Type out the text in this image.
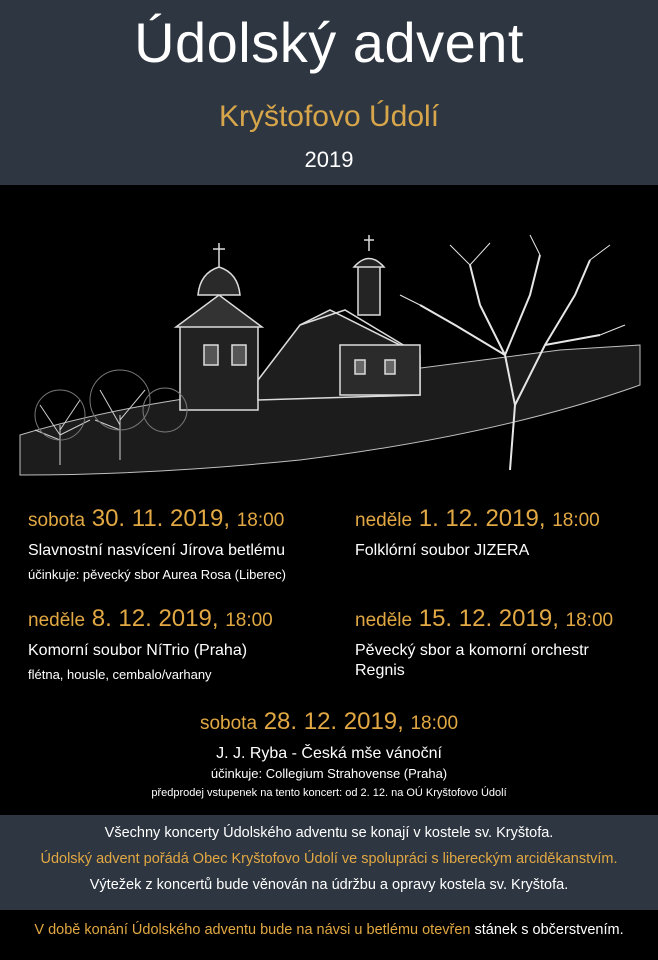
Údolský advent
Kryštofovo Údolí
2019
sobota 30. 11. 2019, 18:00
Slavnostní nasvícení Jírova betlému
účinkuje: pěvecký sbor Aurea Rosa (Liberec)
neděle 1. 12. 2019, 18:00
Folklórní soubor JIZERA
neděle 8. 12. 2019, 18:00
Komorní soubor NíTrio (Praha)
flétna, housle, cembalo/varhany
neděle 15. 12. 2019, 18:00
Pěvecký sbor a komorní orchestr
Regnis
sobota 28. 12. 2019, 18:00
J. J. Ryba - Česká mše vánoční
účinkuje: Collegium Strahovense (Praha)
předprodej vstupenek na tento koncert: od 2. 12. na OÚ Kryštofovo Údolí
Všechny koncerty Údolského adventu se konají v kostele sv. Kryštofa.
Údolský advent pořádá Obec Kryštofovo Údolí ve spolupráci s libereckým arciděkanstvím.
Výtežek z koncertů bude věnován na údržbu a opravy kostela sv. Kryštofa.
V době konání Údolského adventu bude na návsi u betlému otevřen stánek s občerstvením.
